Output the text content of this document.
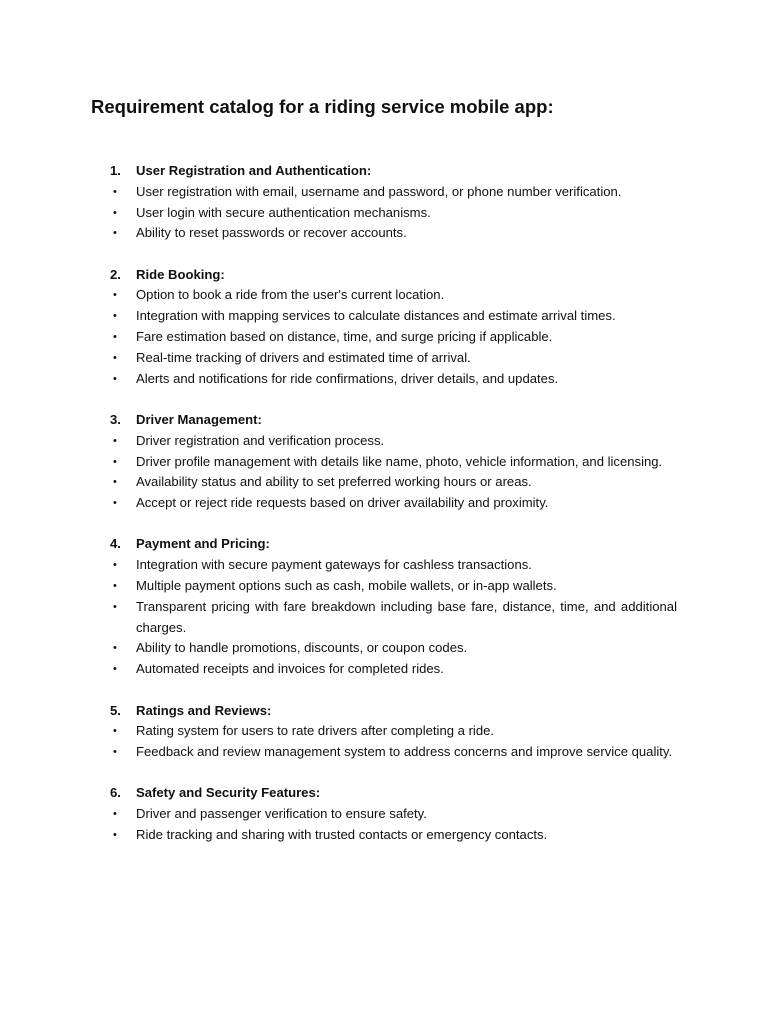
Requirement catalog for a riding service mobile app:
1.	User Registration and Authentication:
•	User registration with email, username and password, or phone number verification.
•	User login with secure authentication mechanisms.
•	Ability to reset passwords or recover accounts.
2.	Ride Booking:
•	Option to book a ride from the user's current location.
•	Integration with mapping services to calculate distances and estimate arrival times.
•	Fare estimation based on distance, time, and surge pricing if applicable.
•	Real-time tracking of drivers and estimated time of arrival.
•	Alerts and notifications for ride confirmations, driver details, and updates.
3.	Driver Management:
•	Driver registration and verification process.
•	Driver profile management with details like name, photo, vehicle information, and licensing.
•	Availability status and ability to set preferred working hours or areas.
•	Accept or reject ride requests based on driver availability and proximity.
4.	Payment and Pricing:
•	Integration with secure payment gateways for cashless transactions.
•	Multiple payment options such as cash, mobile wallets, or in-app wallets.
•	Transparent pricing with fare breakdown including base fare, distance, time, and additional charges.
•	Ability to handle promotions, discounts, or coupon codes.
•	Automated receipts and invoices for completed rides.
5.	Ratings and Reviews:
•	Rating system for users to rate drivers after completing a ride.
•	Feedback and review management system to address concerns and improve service quality.
6.	Safety and Security Features:
•	Driver and passenger verification to ensure safety.
•	Ride tracking and sharing with trusted contacts or emergency contacts.
